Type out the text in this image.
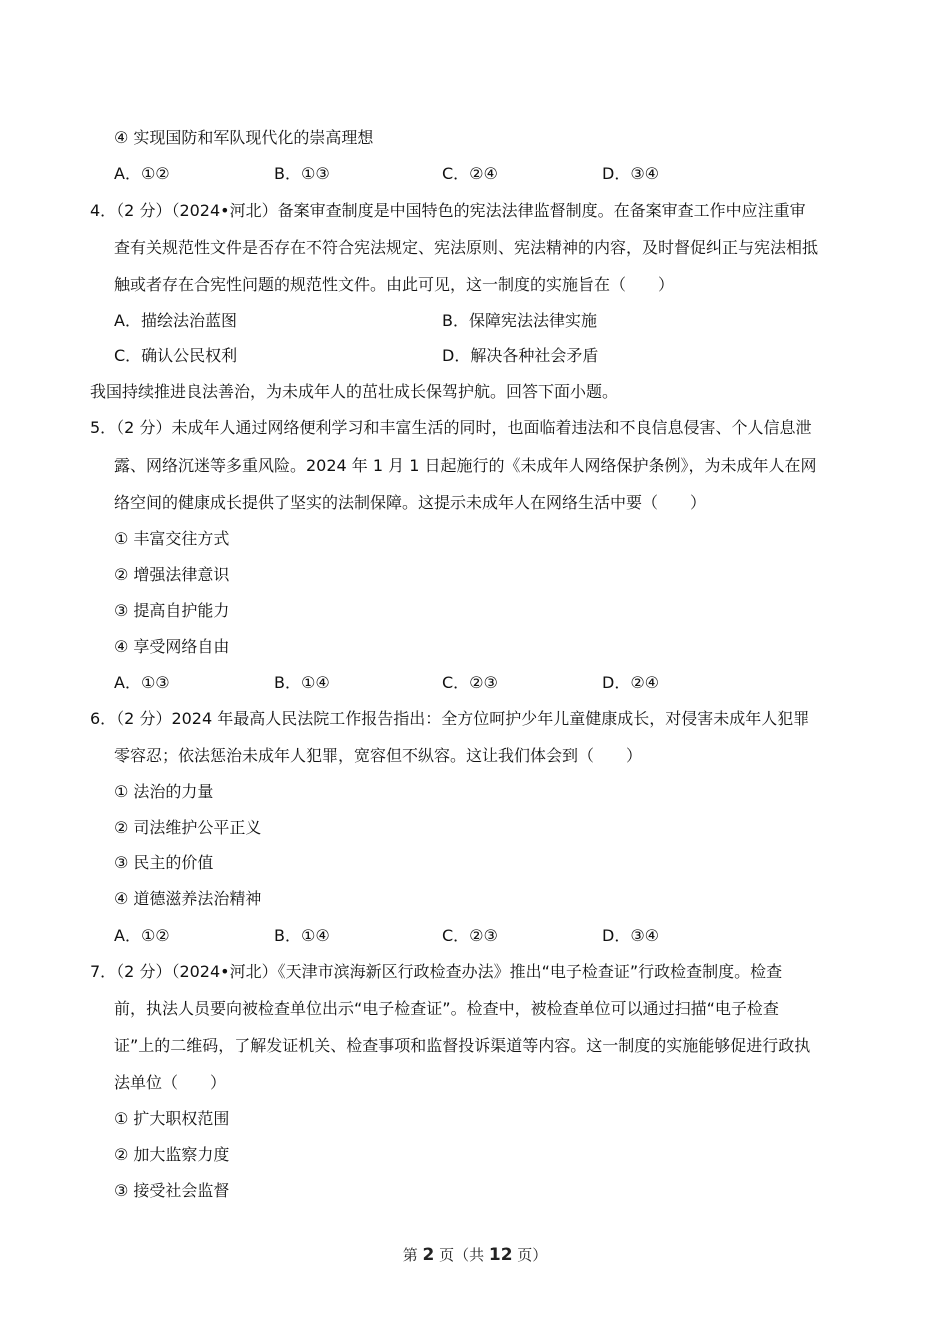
④ 实现国防和军队现代化的崇高理想

A．①②	B．①③	C．②④	D．③④

4．（2 分）（2024•河北）备案审查制度是中国特色的宪法法律监督制度。在备案审查工作中应注重审

查有关规范性文件是否存在不符合宪法规定、宪法原则、宪法精神的内容，及时督促纠正与宪法相抵

触或者存在合宪性问题的规范性文件。由此可见，这一制度的实施旨在（　　）

A．描绘法治蓝图	B．保障宪法法律实施
C．确认公民权利	D．解决各种社会矛盾

我国持续推进良法善治，为未成年人的茁壮成长保驾护航。回答下面小题。

5．（2 分）未成年人通过网络便利学习和丰富生活的同时，也面临着违法和不良信息侵害、个人信息泄

露、网络沉迷等多重风险。2024 年 1 月 1 日起施行的《未成年人网络保护条例》，为未成年人在网

络空间的健康成长提供了坚实的法制保障。这提示未成年人在网络生活中要（　　）

① 丰富交往方式

② 增强法律意识

③ 提高自护能力

④ 享受网络自由

A．①③	B．①④	C．②③	D．②④

6．（2 分）2024 年最高人民法院工作报告指出：全方位呵护少年儿童健康成长，对侵害未成年人犯罪

零容忍；依法惩治未成年人犯罪，宽容但不纵容。这让我们体会到（　　）

① 法治的力量

② 司法维护公平正义

③ 民主的价值

④ 道德滋养法治精神

A．①②	B．①④	C．②③	D．③④

7．（2 分）（2024•河北）《天津市滨海新区行政检查办法》推出“电子检查证”行政检查制度。检查

前，执法人员要向被检查单位出示“电子检查证”。检查中，被检查单位可以通过扫描“电子检查

证”上的二维码，了解发证机关、检查事项和监督投诉渠道等内容。这一制度的实施能够促进行政执

法单位（　　）

① 扩大职权范围

② 加大监察力度

③ 接受社会监督

第 2 页（共 12 页）
